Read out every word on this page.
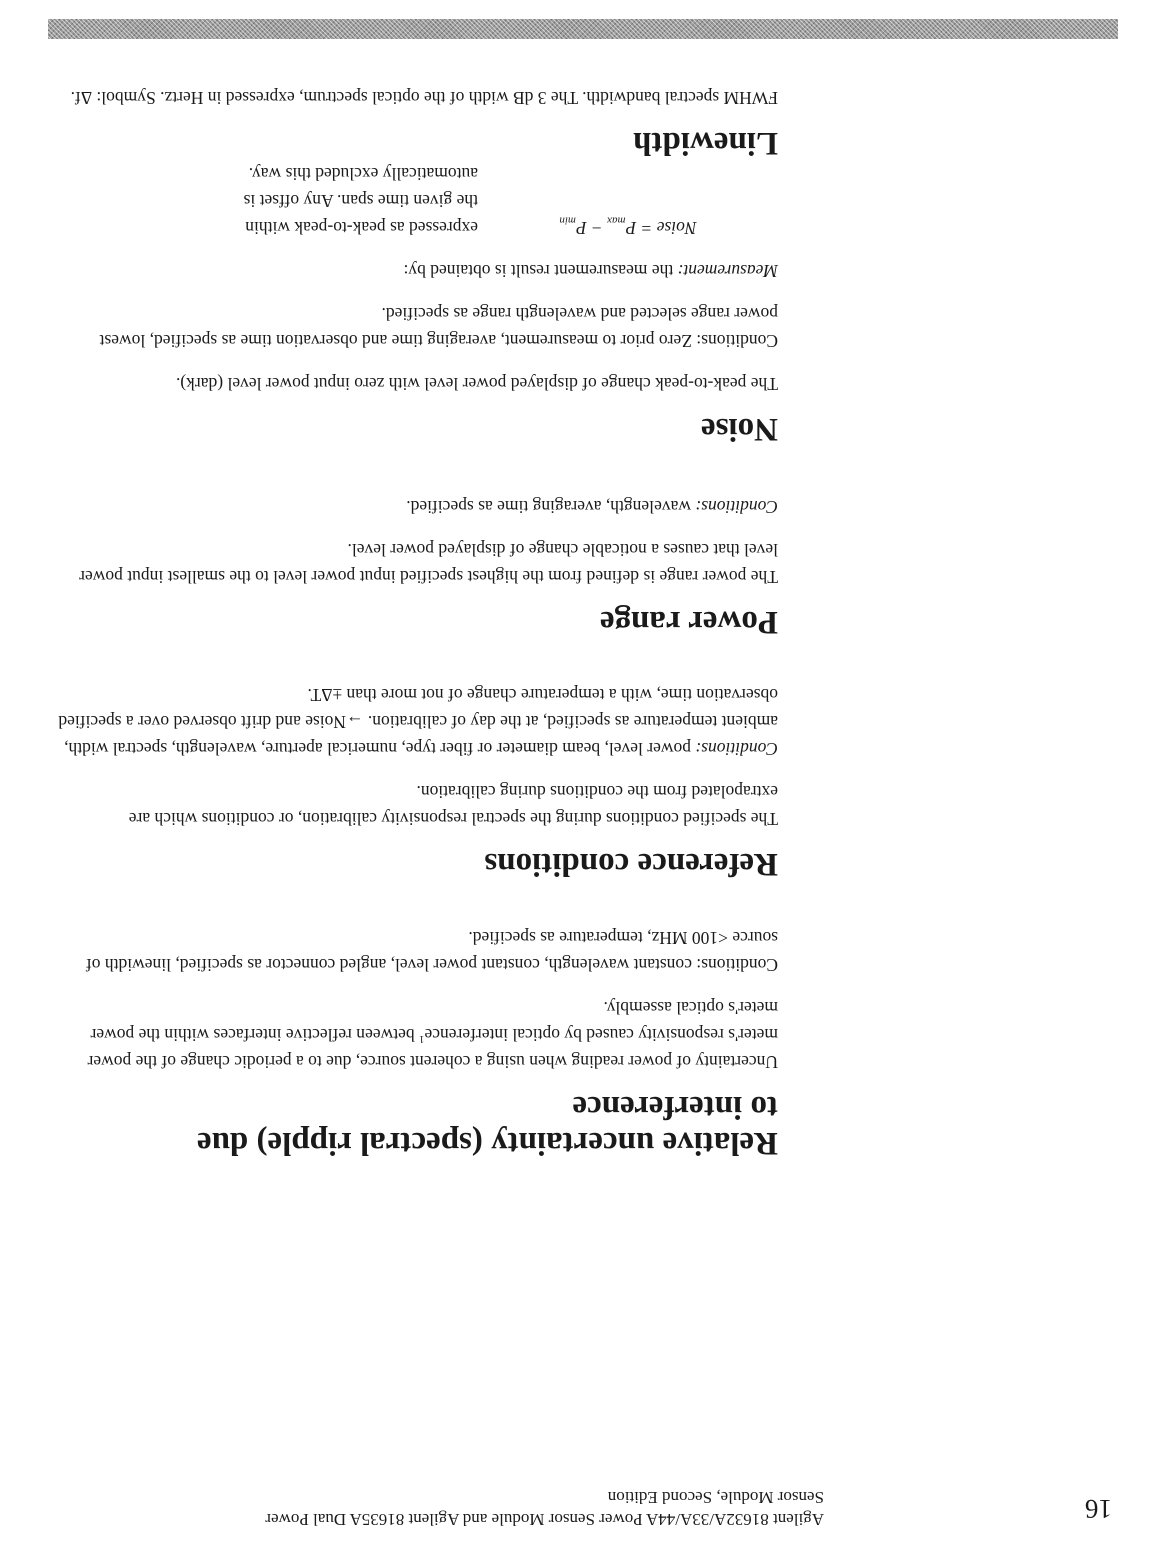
16
Agilent 81632A/33A/44A Power Sensor Module and Agilent 81635A Dual Power
Sensor Module, Second Edition
Relative uncertainty (spectral ripple) due
to interference

Uncertainty of power reading when using a coherent source, due to a periodic change of the power meter's responsivity caused by optical interference$^1$ between reflective interfaces within the power meter's optical assembly.

Conditions: constant wavelength, constant power level, angled connector as specified, linewidth of source <100 MHz, temperature as specified.

Reference conditions

The specified conditions during the spectral responsivity calibration, or conditions which are extrapolated from the conditions during calibration.

Conditions: power level, beam diameter or fiber type, numerical aperture, wavelength, spectral width, ambient temperature as specified, at the day of calibration. →Noise and drift observed over a specified observation time, with a temperature change of not more than ±ΔT.

Power range

The power range is defined from the highest specified input power level to the smallest input power level that causes a noticable change of displayed power level.

Conditions: wavelength, averaging time as specified.

Noise

The peak-to-peak change of displayed power level with zero input power level (dark).

Conditions: Zero prior to measurement, averaging time and observation time as specified, lowest power range selected and wavelength range as specified.

Measurement: the measurement result is obtained by:

Noise = $P_{max} - P_{min}$
expressed as peak-to-peak within the given time span. Any offset is automatically excluded this way.
Linewidth

FWHM spectral bandwidth. The 3 dB width of the optical spectrum, expressed in Hertz. Symbol: Δf.
